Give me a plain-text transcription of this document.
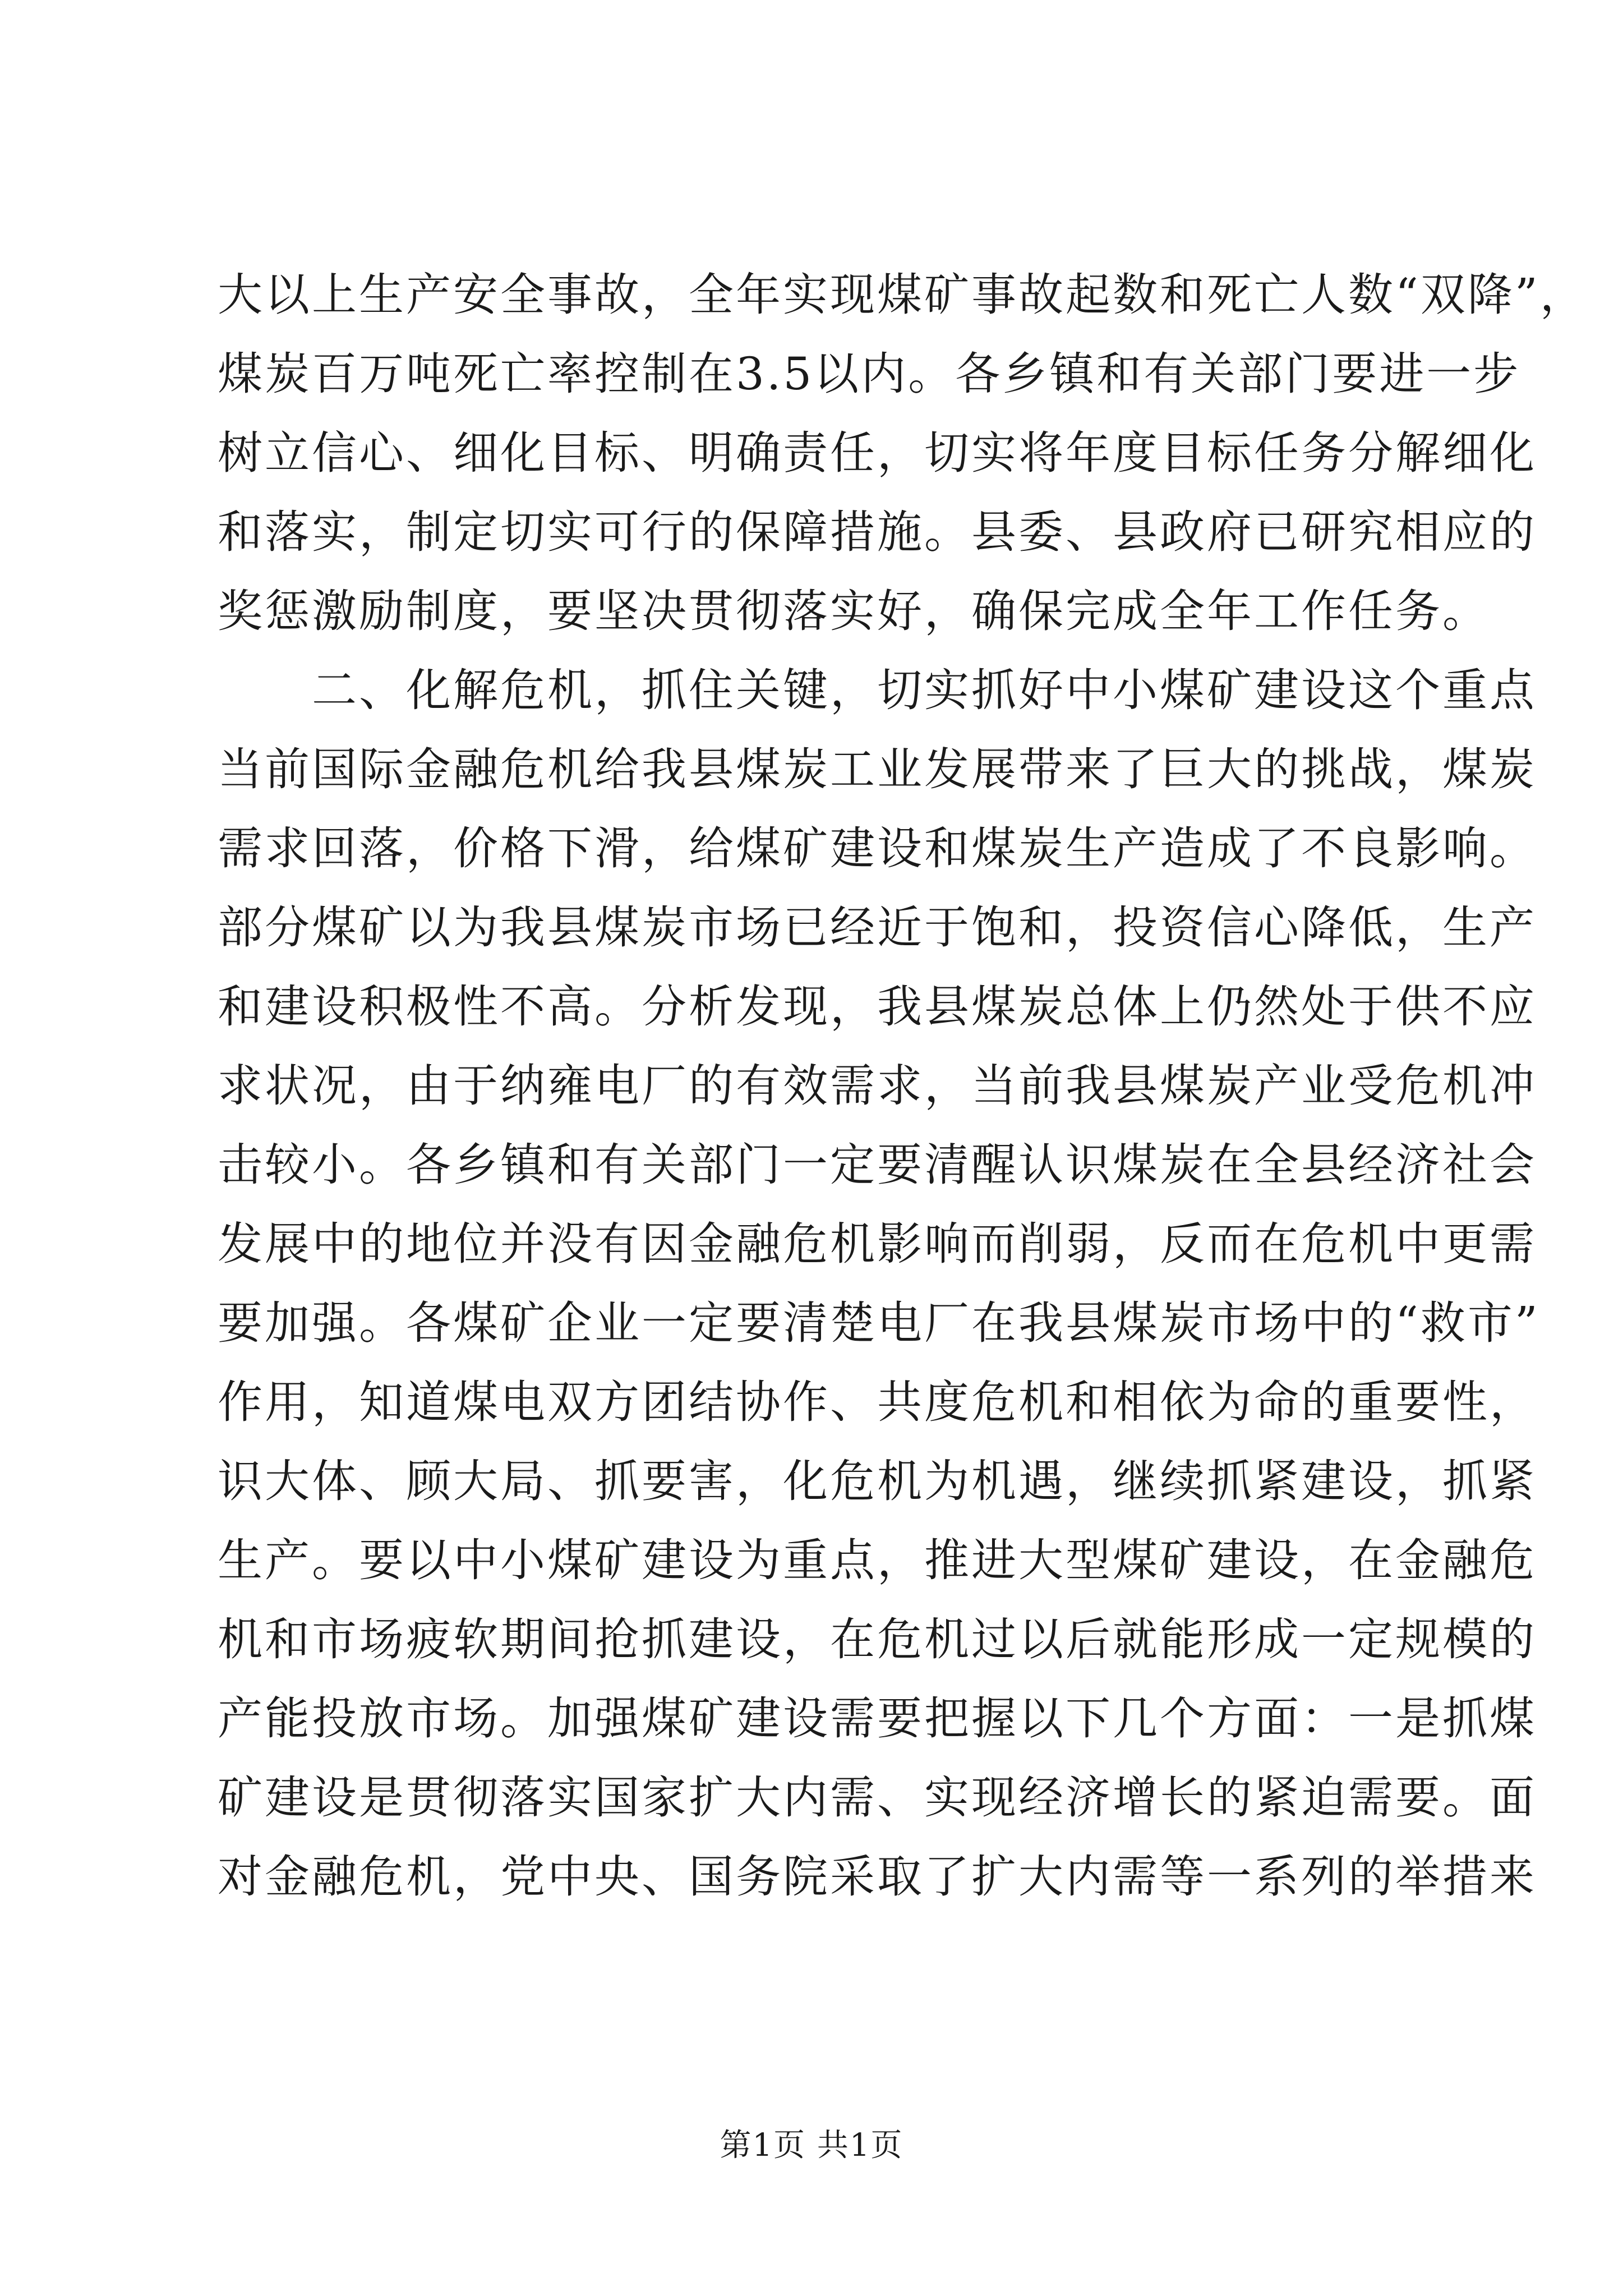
大以上生产安全事故，全年实现煤矿事故起数和死亡人数“双降”，
煤炭百万吨死亡率控制在3.5以内。各乡镇和有关部门要进一步
树立信心、细化目标、明确责任，切实将年度目标任务分解细化
和落实，制定切实可行的保障措施。县委、县政府已研究相应的
奖惩激励制度，要坚决贯彻落实好，确保完成全年工作任务。
　　二、化解危机，抓住关键，切实抓好中小煤矿建设这个重点
当前国际金融危机给我县煤炭工业发展带来了巨大的挑战，煤炭
需求回落，价格下滑，给煤矿建设和煤炭生产造成了不良影响。
部分煤矿以为我县煤炭市场已经近于饱和，投资信心降低，生产
和建设积极性不高。分析发现，我县煤炭总体上仍然处于供不应
求状况，由于纳雍电厂的有效需求，当前我县煤炭产业受危机冲
击较小。各乡镇和有关部门一定要清醒认识煤炭在全县经济社会
发展中的地位并没有因金融危机影响而削弱，反而在危机中更需
要加强。各煤矿企业一定要清楚电厂在我县煤炭市场中的“救市”
作用，知道煤电双方团结协作、共度危机和相依为命的重要性，
识大体、顾大局、抓要害，化危机为机遇，继续抓紧建设，抓紧
生产。要以中小煤矿建设为重点，推进大型煤矿建设，在金融危
机和市场疲软期间抢抓建设，在危机过以后就能形成一定规模的
产能投放市场。加强煤矿建设需要把握以下几个方面：一是抓煤
矿建设是贯彻落实国家扩大内需、实现经济增长的紧迫需要。面
对金融危机，党中央、国务院采取了扩大内需等一系列的举措来
第1页 共1页
